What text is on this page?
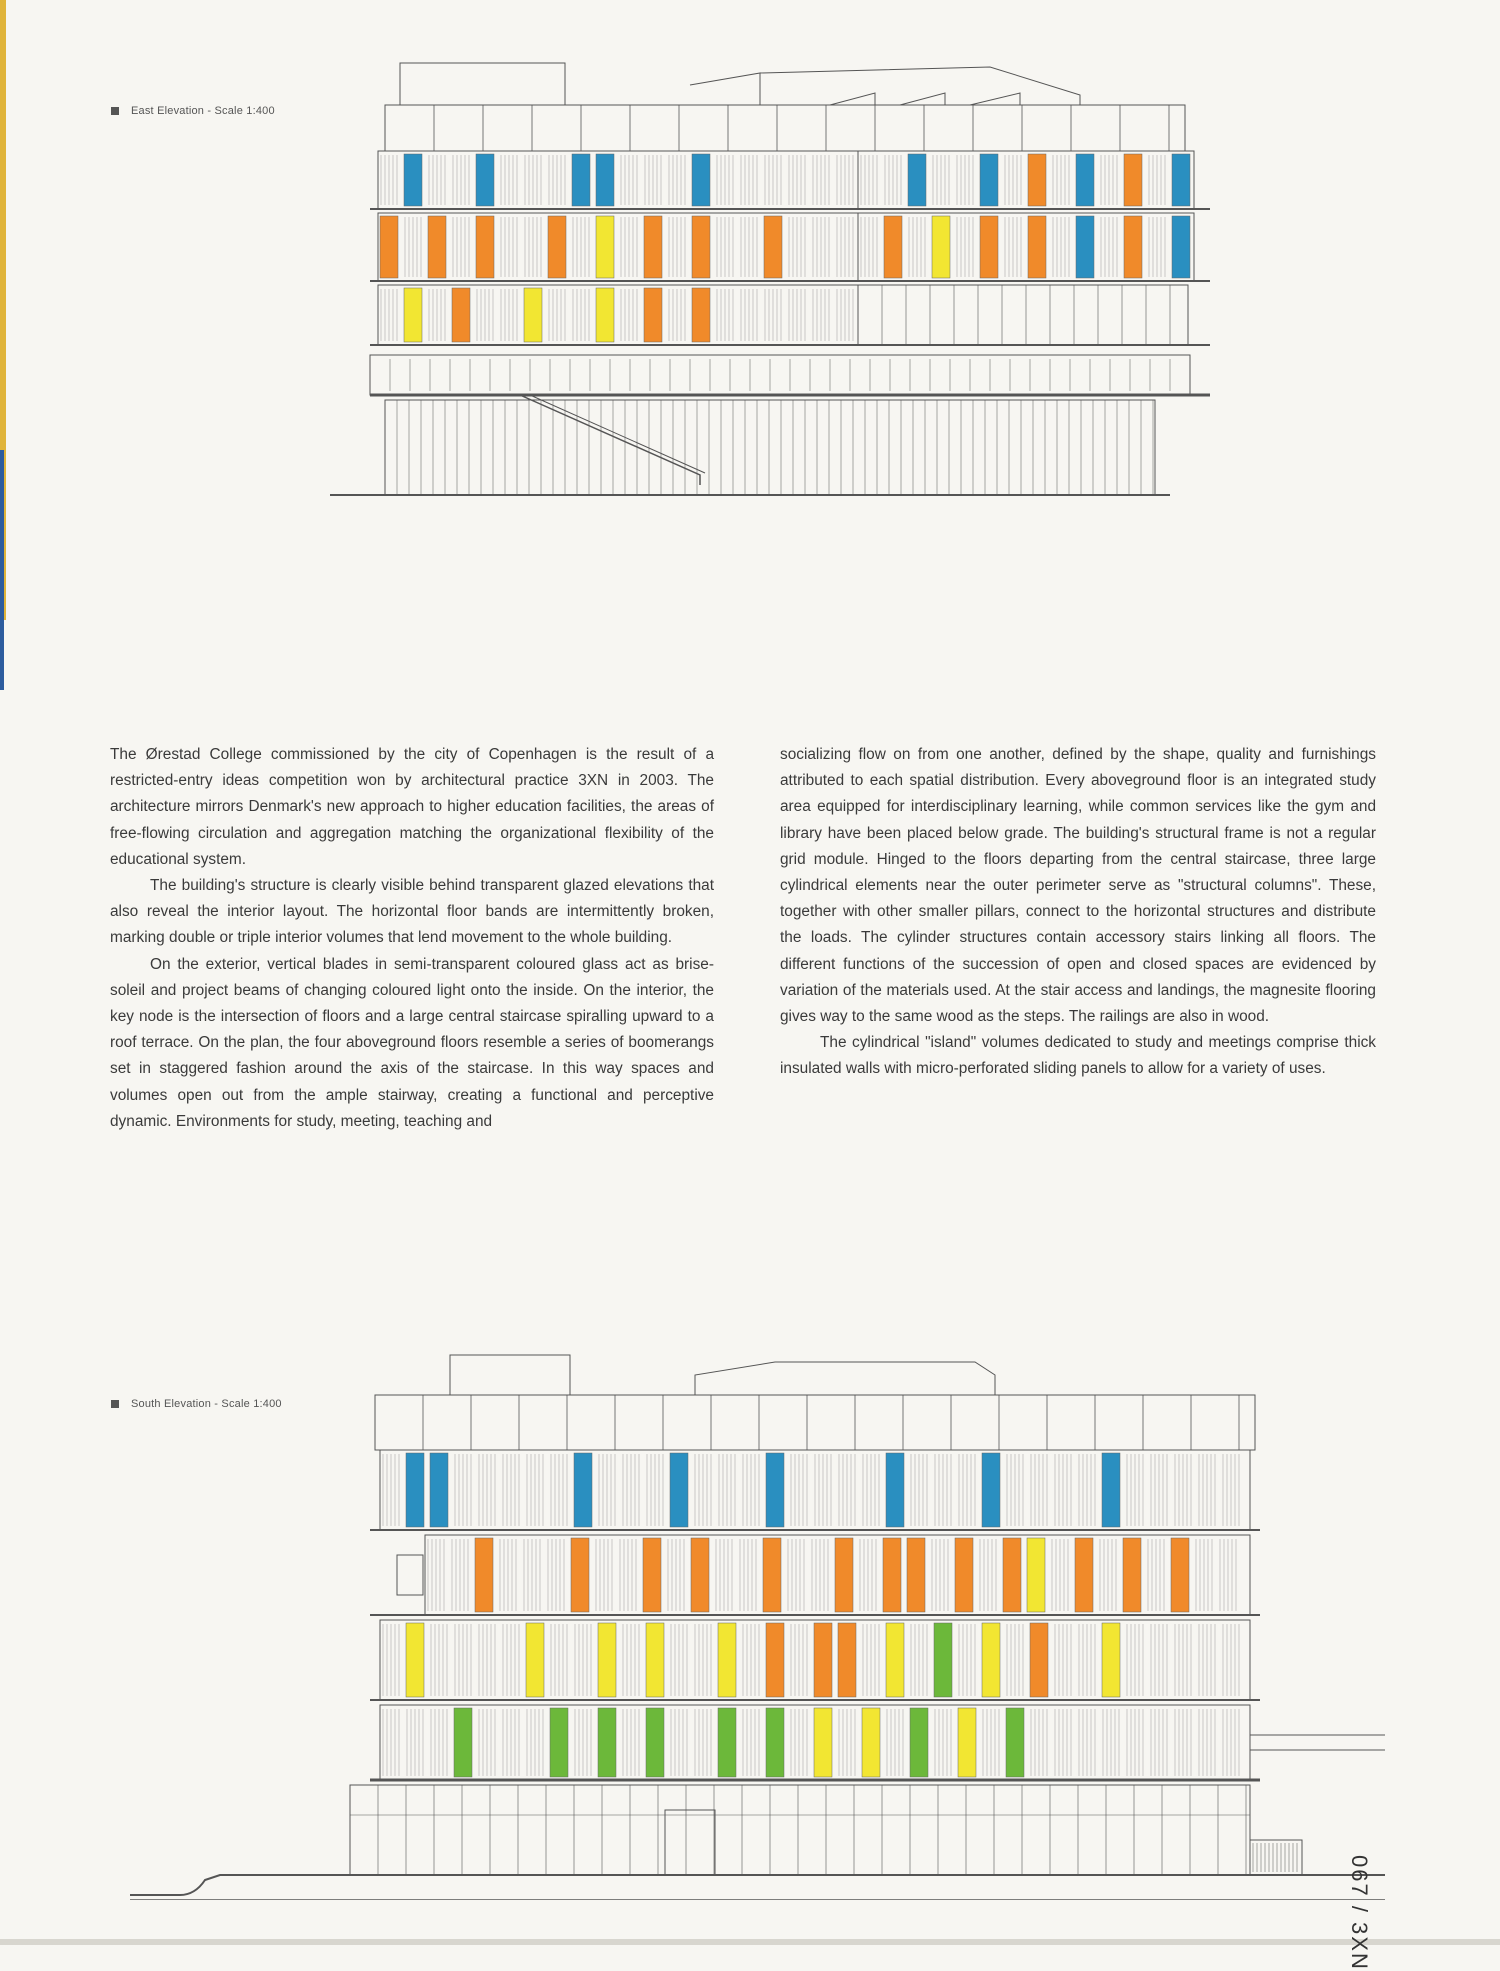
East Elevation - Scale 1:400

The Ørestad College commissioned by the city of Copenhagen is the result of a restricted-entry ideas competition won by architectural practice 3XN in 2003. The architecture mirrors Denmark's new approach to higher education facilities, the areas of free-flowing circulation and aggregation matching the organizational flexibility of the educational system.

The building's structure is clearly visible behind transparent glazed elevations that also reveal the interior layout. The horizontal floor bands are intermittently broken, marking double or triple interior volumes that lend movement to the whole building.

On the exterior, vertical blades in semi-transparent coloured glass act as brise-soleil and project beams of changing coloured light onto the inside. On the interior, the key node is the intersection of floors and a large central staircase spiralling upward to a roof terrace. On the plan, the four aboveground floors resemble a series of boomerangs set in staggered fashion around the axis of the staircase. In this way spaces and volumes open out from the ample stairway, creating a functional and perceptive dynamic. Environments for study, meeting, teaching and

socializing flow on from one another, defined by the shape, quality and furnishings attributed to each spatial distribution. Every aboveground floor is an integrated study area equipped for interdisciplinary learning, while common services like the gym and library have been placed below grade. The building's structural frame is not a regular grid module. Hinged to the floors departing from the central staircase, three large cylindrical elements near the outer perimeter serve as "structural columns". These, together with other smaller pillars, connect to the horizontal structures and distribute the loads. The cylinder structures contain accessory stairs linking all floors. The different functions of the succession of open and closed spaces are evidenced by variation of the materials used. At the stair access and landings, the magnesite flooring gives way to the same wood as the steps. The railings are also in wood.

The cylindrical "island" volumes dedicated to study and meetings comprise thick insulated walls with micro-perforated sliding panels to allow for a variety of uses.

South Elevation - Scale 1:400
067 / 3XN
